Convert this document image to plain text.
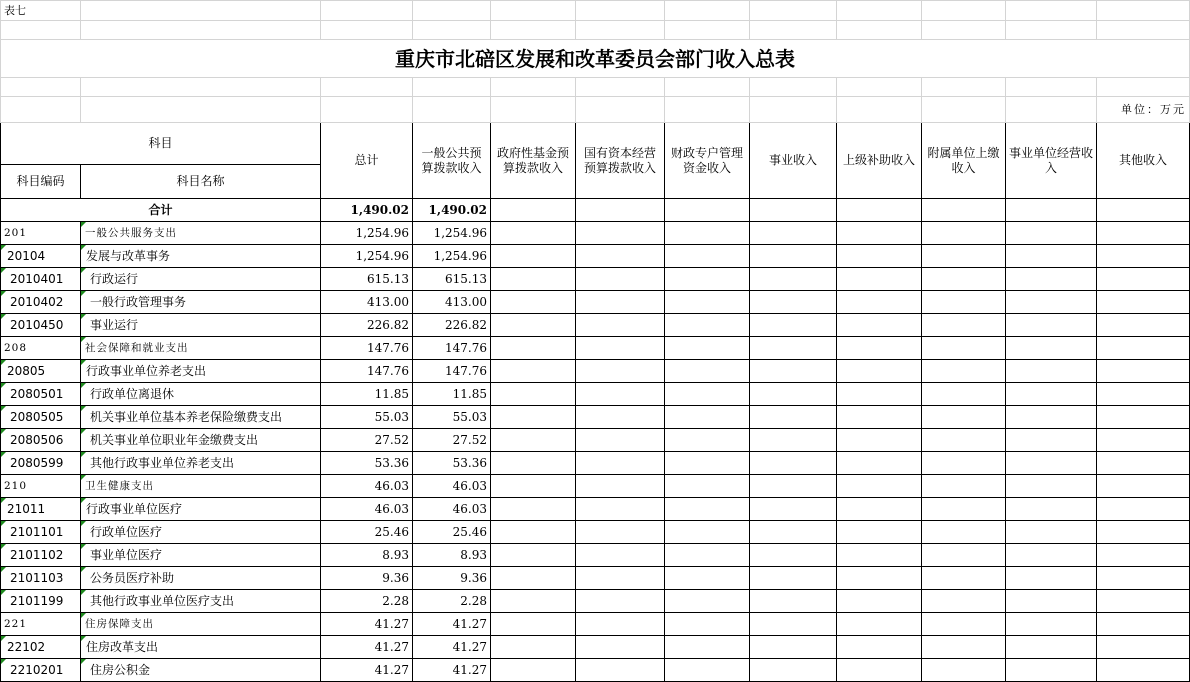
表七											

重庆市北碚区发展和改革委员会部门收入总表											

											单位：万元
科目		总计	一般公共预算拨款收入	政府性基金预算拨款收入	国有资本经营预算拨款收入	财政专户管理资金收入	事业收入	上级补助收入	附属单位上缴收入	事业单位经营收入	其他收入
科目编码	科目名称										
合计		1,490.02	1,490.02								
201	一般公共服务支出	1,254.96	1,254.96								
20104	发展与改革事务	1,254.96	1,254.96								
2010401	行政运行	615.13	615.13								
2010402	一般行政管理事务	413.00	413.00								
2010450	事业运行	226.82	226.82								
208	社会保障和就业支出	147.76	147.76								
20805	行政事业单位养老支出	147.76	147.76								
2080501	行政单位离退休	11.85	11.85								
2080505	机关事业单位基本养老保险缴费支出	55.03	55.03								
2080506	机关事业单位职业年金缴费支出	27.52	27.52								
2080599	其他行政事业单位养老支出	53.36	53.36								
210	卫生健康支出	46.03	46.03								
21011	行政事业单位医疗	46.03	46.03								
2101101	行政单位医疗	25.46	25.46								
2101102	事业单位医疗	8.93	8.93								
2101103	公务员医疗补助	9.36	9.36								
2101199	其他行政事业单位医疗支出	2.28	2.28								
221	住房保障支出	41.27	41.27								
22102	住房改革支出	41.27	41.27								
2210201	住房公积金	41.27	41.27								
